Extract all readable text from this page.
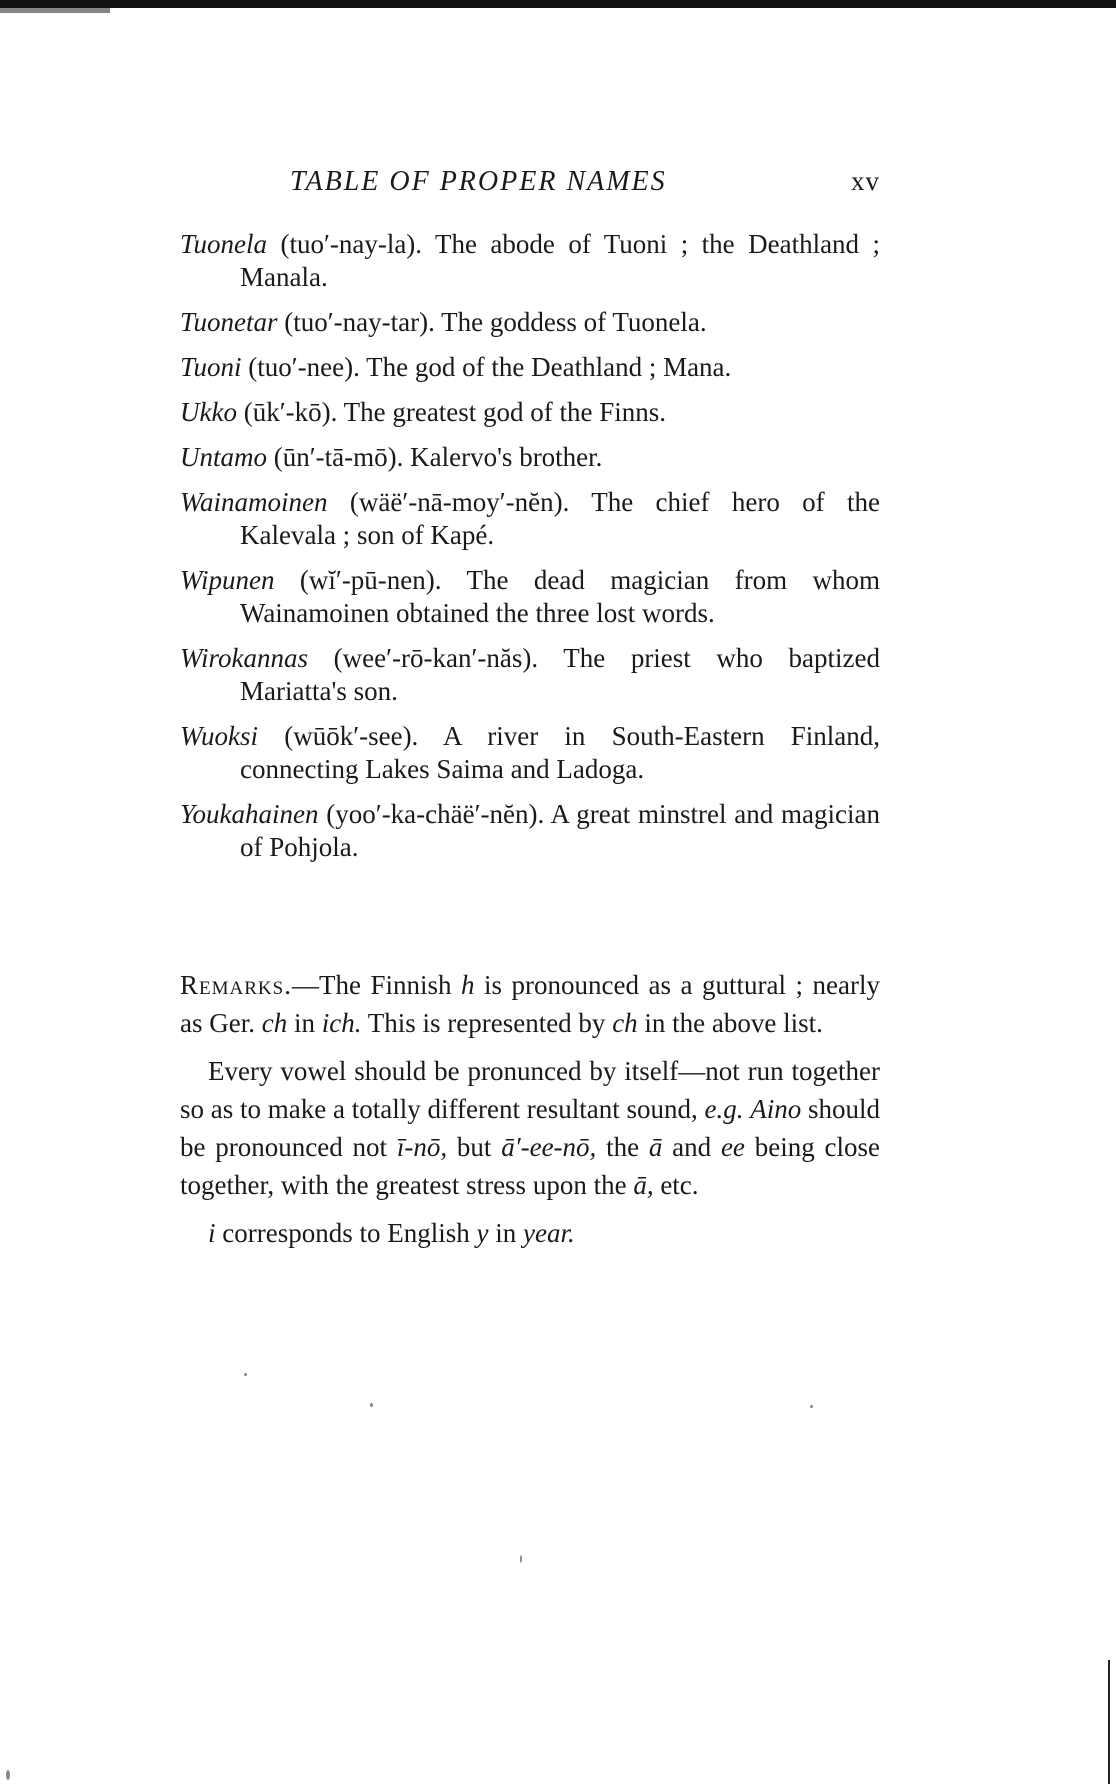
TABLE OF PROPER NAMES	xv
Tuonela (tuo′-nay-la). The abode of Tuoni ; the Deathland ; Manala.
Tuonetar (tuo′-nay-tar). The goddess of Tuonela.
Tuoni (tuo′-nee). The god of the Deathland ; Mana.
Ukko (ūk′-kō). The greatest god of the Finns.
Untamo (ūn′-tā-mō). Kalervo's brother.
Wainamoinen (wäë′-nā-moy′-nĕn). The chief hero of the Kalevala ; son of Kapé.
Wipunen (wĭ′-pū-nen). The dead magician from whom Wainamoinen obtained the three lost words.
Wirokannas (wee′-rō-kan′-năs). The priest who baptized Mariatta's son.
Wuoksi (wūōk′-see). A river in South-Eastern Finland, connecting Lakes Saima and Ladoga.
Youkahainen (yoo′-ka-chäë′-nĕn). A great minstrel and magician of Pohjola.

Remarks.—The Finnish h is pronounced as a guttural ; nearly as Ger. ch in ich. This is represented by ch in the above list.

Every vowel should be pronunced by itself—not run together so as to make a totally different resultant sound, e.g. Aino should be pronounced not ī-nō, but ā′-ee-nō, the ā and ee being close together, with the greatest stress upon the ā, etc.

i corresponds to English y in year.
